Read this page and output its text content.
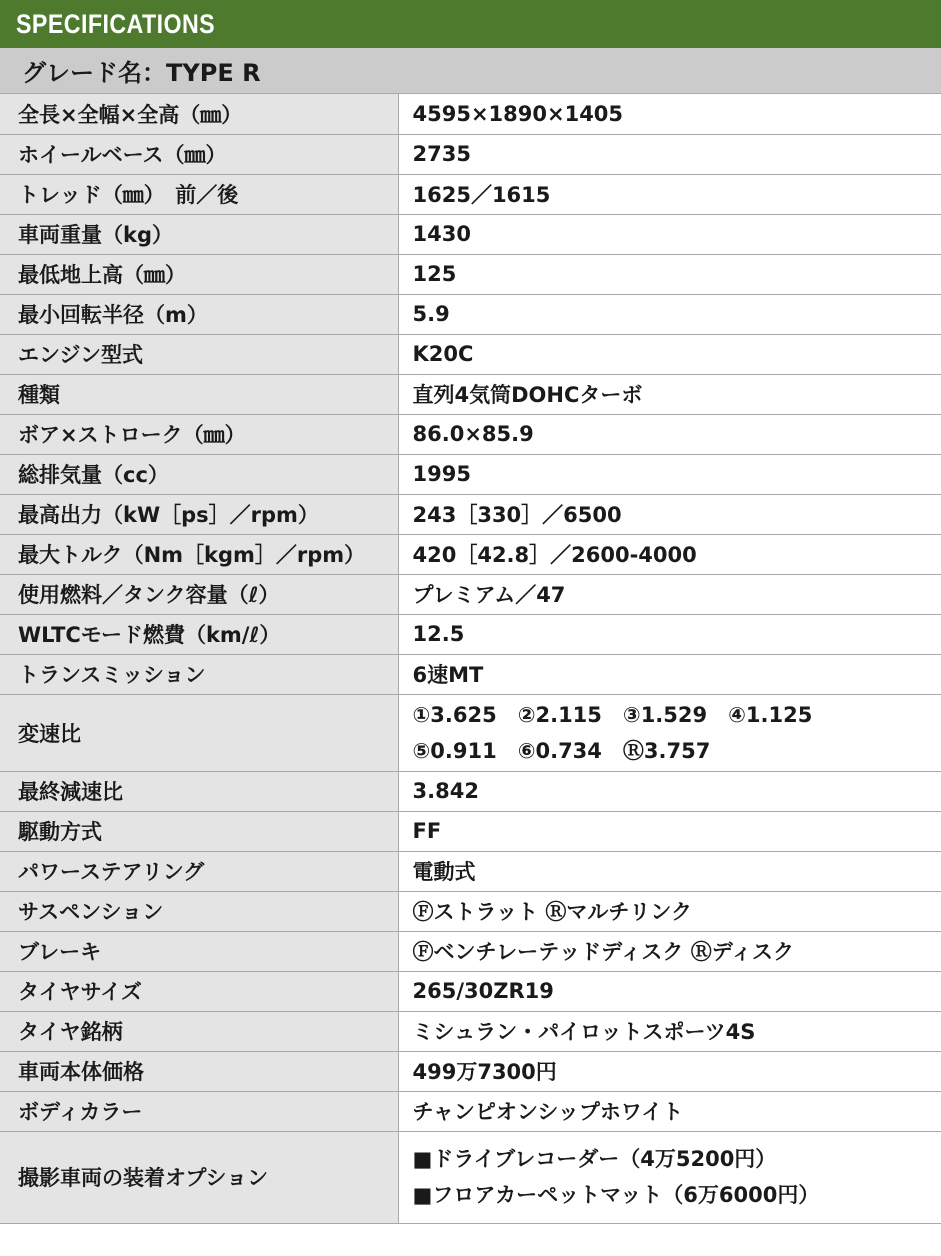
SPECIFICATIONS
グレード名：TYPE R
全長×全幅×全高（㎜）	4595×1890×1405

ホイールベース（㎜）	2735

トレッド（㎜）　前／後	1625／1615

車両重量（kg）	1430

最低地上高（㎜）	125

最小回転半径（m）	5.9

エンジン型式	K20C

種類	直列4気筒DOHCターボ

ボア×ストローク（㎜）	86.0×85.9

総排気量（cc）	1995

最高出力（kW［ps］／rpm）	243［330］／6500

最大トルク（Nm［kgm］／rpm）	420［42.8］／2600-4000

使用燃料／タンク容量（ℓ）	プレミアム／47

WLTCモード燃費（km/ℓ）	12.5

トランスミッション	6速MT

変速比	①3.625　②2.115　③1.529　④1.125
⑤0.911　⑥0.734　Ⓡ3.757

最終減速比	3.842

駆動方式	FF

パワーステアリング	電動式

サスペンション	Ⓕストラット Ⓡマルチリンク

ブレーキ	Ⓕベンチレーテッドディスク Ⓡディスク

タイヤサイズ	265/30ZR19

タイヤ銘柄	ミシュラン・パイロットスポーツ4S

車両本体価格	499万7300円

ボディカラー	チャンピオンシップホワイト

撮影車両の装着オプション	■ドライブレコーダー（4万5200円）
■フロアカーペットマット（6万6000円）
